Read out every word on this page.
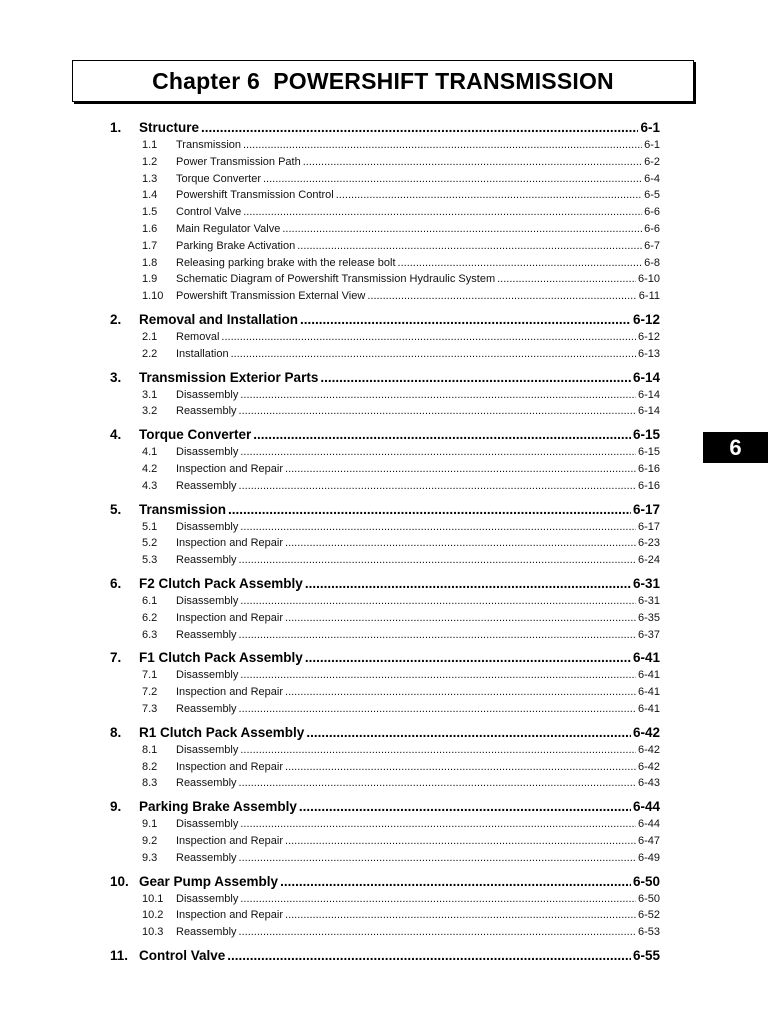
Chapter 6
POWERSHIFT TRANSMISSION
6
1.	Structure .....	6-1
1.1	Transmission .....	6-1
1.2	Power Transmission Path .....	6-2
1.3	Torque Converter .....	6-4
1.4	Powershift Transmission Control .....	6-5
1.5	Control Valve .....	6-6
1.6	Main Regulator Valve .....	6-6
1.7	Parking Brake Activation .....	6-7
1.8	Releasing parking brake with the release bolt .....	6-8
1.9	Schematic Diagram of Powershift Transmission Hydraulic System .....	6-10
1.10	Powershift Transmission External View .....	6-11
2.	Removal and Installation .....	6-12
2.1	Removal .....	6-12
2.2	Installation .....	6-13
3.	Transmission Exterior Parts .....	6-14
3.1	Disassembly .....	6-14
3.2	Reassembly .....	6-14
4.	Torque Converter .....	6-15
4.1	Disassembly .....	6-15
4.2	Inspection and Repair .....	6-16
4.3	Reassembly .....	6-16
5.	Transmission .....	6-17
5.1	Disassembly .....	6-17
5.2	Inspection and Repair .....	6-23
5.3	Reassembly .....	6-24
6.	F2 Clutch Pack Assembly .....	6-31
6.1	Disassembly .....	6-31
6.2	Inspection and Repair .....	6-35
6.3	Reassembly .....	6-37
7.	F1 Clutch Pack Assembly .....	6-41
7.1	Disassembly .....	6-41
7.2	Inspection and Repair .....	6-41
7.3	Reassembly .....	6-41
8.	R1 Clutch Pack Assembly .....	6-42
8.1	Disassembly .....	6-42
8.2	Inspection and Repair .....	6-42
8.3	Reassembly .....	6-43
9.	Parking Brake Assembly .....	6-44
9.1	Disassembly .....	6-44
9.2	Inspection and Repair .....	6-47
9.3	Reassembly .....	6-49
10. Gear Pump Assembly .....	6-50
10.1	Disassembly .....	6-50
10.2	Inspection and Repair .....	6-52
10.3	Reassembly .....	6-53
11. Control Valve .....	6-55
